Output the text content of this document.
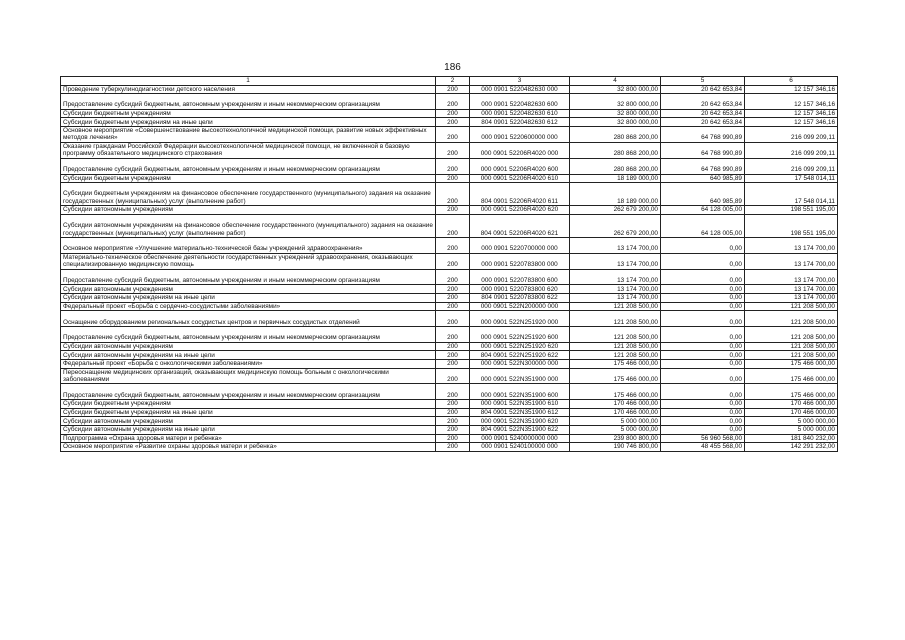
186
1	2	3	4	5	6
Проведение туберкулинодиагностики детского населения	200	000 0901 5220482630 000	32 800 000,00	20 642 653,84	12 157 346,16
Предоставление субсидий бюджетным, автономным учреждениям и иным некоммерческим организациям	200	000 0901 5220482630 600	32 800 000,00	20 642 653,84	12 157 346,16
Субсидии бюджетным учреждениям	200	000 0901 5220482630 610	32 800 000,00	20 642 653,84	12 157 346,16
Субсидии бюджетным учреждениям на иные цели	200	804 0901 5220482630 612	32 800 000,00	20 642 653,84	12 157 346,16
Основное мероприятие «Совершенствование высокотехнологичной медицинской помощи, развитие новых эффективных методов лечения»	200	000 0901 5220600000 000	280 868 200,00	64 768 990,89	216 099 209,11
Оказание гражданам Российской Федерации высокотехнологичной медицинской помощи, не включенной в базовую программу обязательного медицинского страхования	200	000 0901 52206R4020 000	280 868 200,00	64 768 990,89	216 099 209,11
Предоставление субсидий бюджетным, автономным учреждениям и иным некоммерческим организациям	200	000 0901 52206R4020 600	280 868 200,00	64 768 990,89	216 099 209,11
Субсидии бюджетным учреждениям	200	000 0901 52206R4020 610	18 189 000,00	640 985,89	17 548 014,11
Субсидии бюджетным учреждениям на финансовое обеспечение государственного (муниципального) задания на оказание государственных (муниципальных) услуг (выполнение работ)	200	804 0901 52206R4020 611	18 189 000,00	640 985,89	17 548 014,11
Субсидии автономным учреждениям	200	000 0901 52206R4020 620	262 679 200,00	64 128 005,00	198 551 195,00
Субсидии автономным учреждениям на финансовое обеспечение государственного (муниципального) задания на оказание государственных (муниципальных) услуг (выполнение работ)	200	804 0901 52206R4020 621	262 679 200,00	64 128 005,00	198 551 195,00
Основное мероприятие «Улучшение материально-технической базы учреждений здравоохранения»	200	000 0901 5220700000 000	13 174 700,00	0,00	13 174 700,00
Материально-техническое обеспечение деятельности государственных учреждений здравоохранения, оказывающих специализированную медицинскую помощь	200	000 0901 5220783800 000	13 174 700,00	0,00	13 174 700,00
Предоставление субсидий бюджетным, автономным учреждениям и иным некоммерческим организациям	200	000 0901 5220783800 600	13 174 700,00	0,00	13 174 700,00
Субсидии автономным учреждениям	200	000 0901 5220783800 620	13 174 700,00	0,00	13 174 700,00
Субсидии автономным учреждениям на иные цели	200	804 0901 5220783800 622	13 174 700,00	0,00	13 174 700,00
Федеральный проект «Борьба с сердечно-сосудистыми заболеваниями»	200	000 0901 522N200000 000	121 208 500,00	0,00	121 208 500,00
Оснащение оборудованием региональных сосудистых центров и первичных сосудистых отделений	200	000 0901 522N251920 000	121 208 500,00	0,00	121 208 500,00
Предоставление субсидий бюджетным, автономным учреждениям и иным некоммерческим организациям	200	000 0901 522N251920 600	121 208 500,00	0,00	121 208 500,00
Субсидии автономным учреждениям	200	000 0901 522N251920 620	121 208 500,00	0,00	121 208 500,00
Субсидии автономным учреждениям на иные цели	200	804 0901 522N251920 622	121 208 500,00	0,00	121 208 500,00
Федеральный проект «Борьба с онкологическими заболеваниями»	200	000 0901 522N300000 000	175 466 000,00	0,00	175 466 000,00
Переоснащение медицинских организаций, оказывающих медицинскую помощь больным с онкологическими заболеваниями	200	000 0901 522N351900 000	175 466 000,00	0,00	175 466 000,00
Предоставление субсидий бюджетным, автономным учреждениям и иным некоммерческим организациям	200	000 0901 522N351900 600	175 466 000,00	0,00	175 466 000,00
Субсидии бюджетным учреждениям	200	000 0901 522N351900 610	170 466 000,00	0,00	170 466 000,00
Субсидии бюджетным учреждениям на иные цели	200	804 0901 522N351900 612	170 466 000,00	0,00	170 466 000,00
Субсидии автономным учреждениям	200	000 0901 522N351900 620	5 000 000,00	0,00	5 000 000,00
Субсидии автономным учреждениям на иные цели	200	804 0901 522N351900 622	5 000 000,00	0,00	5 000 000,00
Подпрограмма «Охрана здоровья матери и ребенка»	200	000 0901 5240000000 000	239 800 800,00	56 960 568,00	181 840 232,00
Основное мероприятие «Развитие охраны здоровья матери и ребенка»	200	000 0901 5240100000 000	190 746 800,00	48 455 568,00	142 291 232,00
